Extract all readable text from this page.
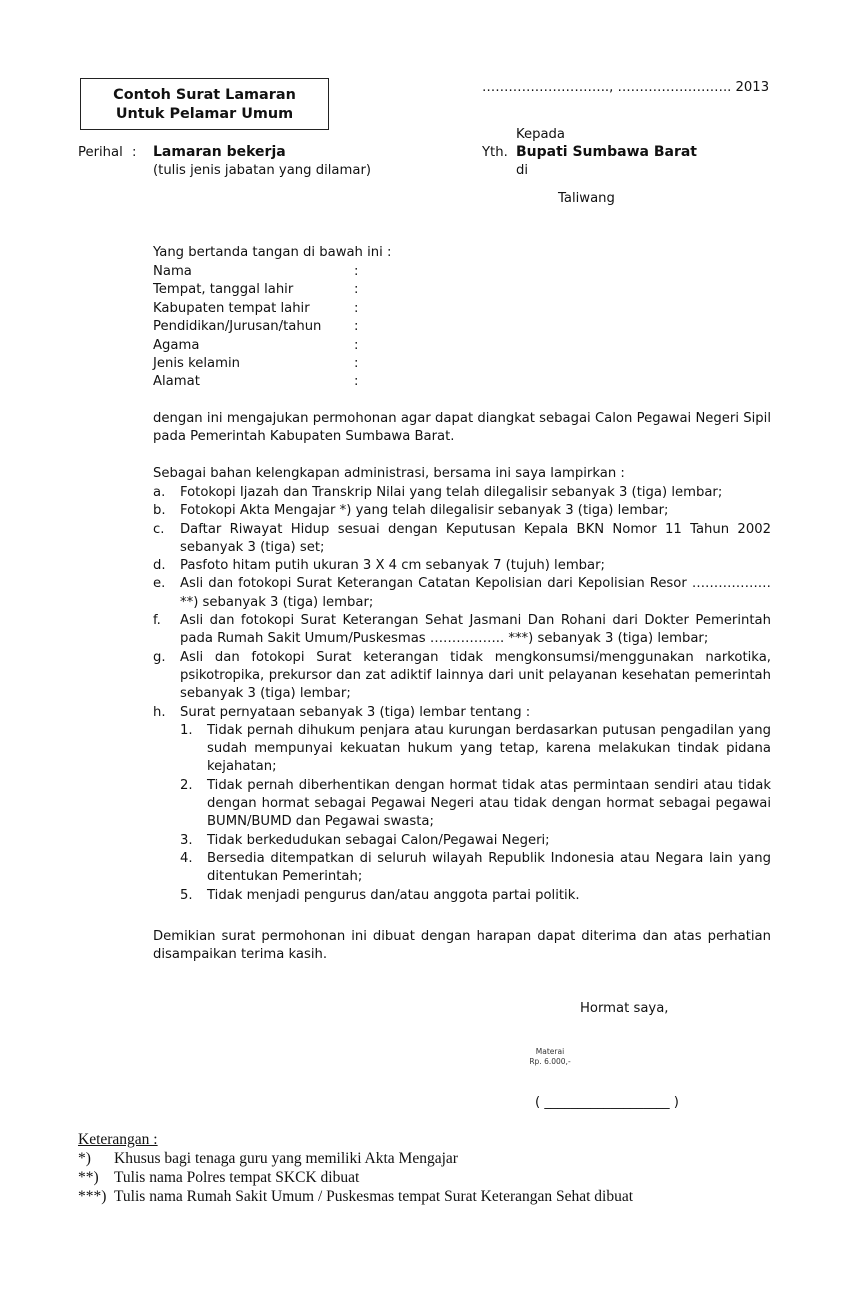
Contoh Surat Lamaran
Untuk Pelamar Umum
……………………….., …………………….. 2013
Perihal : Lamaran bekerja
(tulis jenis jabatan yang dilamar)
Kepada
Yth. Bupati Sumbawa Barat
di
Taliwang
Yang bertanda tangan di bawah ini :
Nama	:
Tempat, tanggal lahir	:
Kabupaten tempat lahir	:
Pendidikan/Jurusan/tahun :
Agama	:
Jenis kelamin	:
Alamat	:
dengan ini mengajukan permohonan agar dapat diangkat sebagai Calon Pegawai Negeri Sipil pada Pemerintah Kabupaten Sumbawa Barat.
Sebagai bahan kelengkapan administrasi, bersama ini saya lampirkan :
a. Fotokopi Ijazah dan Transkrip Nilai yang telah dilegalisir sebanyak 3 (tiga) lembar;
b. Fotokopi Akta Mengajar *) yang telah dilegalisir sebanyak 3 (tiga) lembar;
c. Daftar Riwayat Hidup sesuai dengan Keputusan Kepala BKN Nomor 11 Tahun 2002 sebanyak 3 (tiga) set;
d. Pasfoto hitam putih ukuran 3 X 4 cm sebanyak 7 (tujuh) lembar;
e. Asli dan fotokopi Surat Keterangan Catatan Kepolisian dari Kepolisian Resor ……………… **) sebanyak 3 (tiga) lembar;
f. Asli dan fotokopi Surat Keterangan Sehat Jasmani Dan Rohani dari Dokter Pemerintah pada Rumah Sakit Umum/Puskesmas …………….. ***) sebanyak 3 (tiga) lembar;
g. Asli dan fotokopi Surat keterangan tidak mengkonsumsi/menggunakan narkotika, psikotropika, prekursor dan zat adiktif lainnya dari unit pelayanan kesehatan pemerintah sebanyak 3 (tiga) lembar;
h. Surat pernyataan sebanyak 3 (tiga) lembar tentang :
1. Tidak pernah dihukum penjara atau kurungan berdasarkan putusan pengadilan yang sudah mempunyai kekuatan hukum yang tetap, karena melakukan tindak pidana kejahatan;
2. Tidak pernah diberhentikan dengan hormat tidak atas permintaan sendiri atau tidak dengan hormat sebagai Pegawai Negeri atau tidak dengan hormat sebagai pegawai BUMN/BUMD dan Pegawai swasta;
3. Tidak berkedudukan sebagai Calon/Pegawai Negeri;
4. Bersedia ditempatkan di seluruh wilayah Republik Indonesia atau Negara lain yang ditentukan Pemerintah;
5. Tidak menjadi pengurus dan/atau anggota partai politik.
Demikian surat permohonan ini dibuat dengan harapan dapat diterima dan atas perhatian disampaikan terima kasih.
Hormat saya,
Materai
Rp. 6.000,-
( ___________________ )
Keterangan :
*) Khusus bagi tenaga guru yang memiliki Akta Mengajar
**) Tulis nama Polres tempat SKCK dibuat
***) Tulis nama Rumah Sakit Umum / Puskesmas tempat Surat Keterangan Sehat dibuat
